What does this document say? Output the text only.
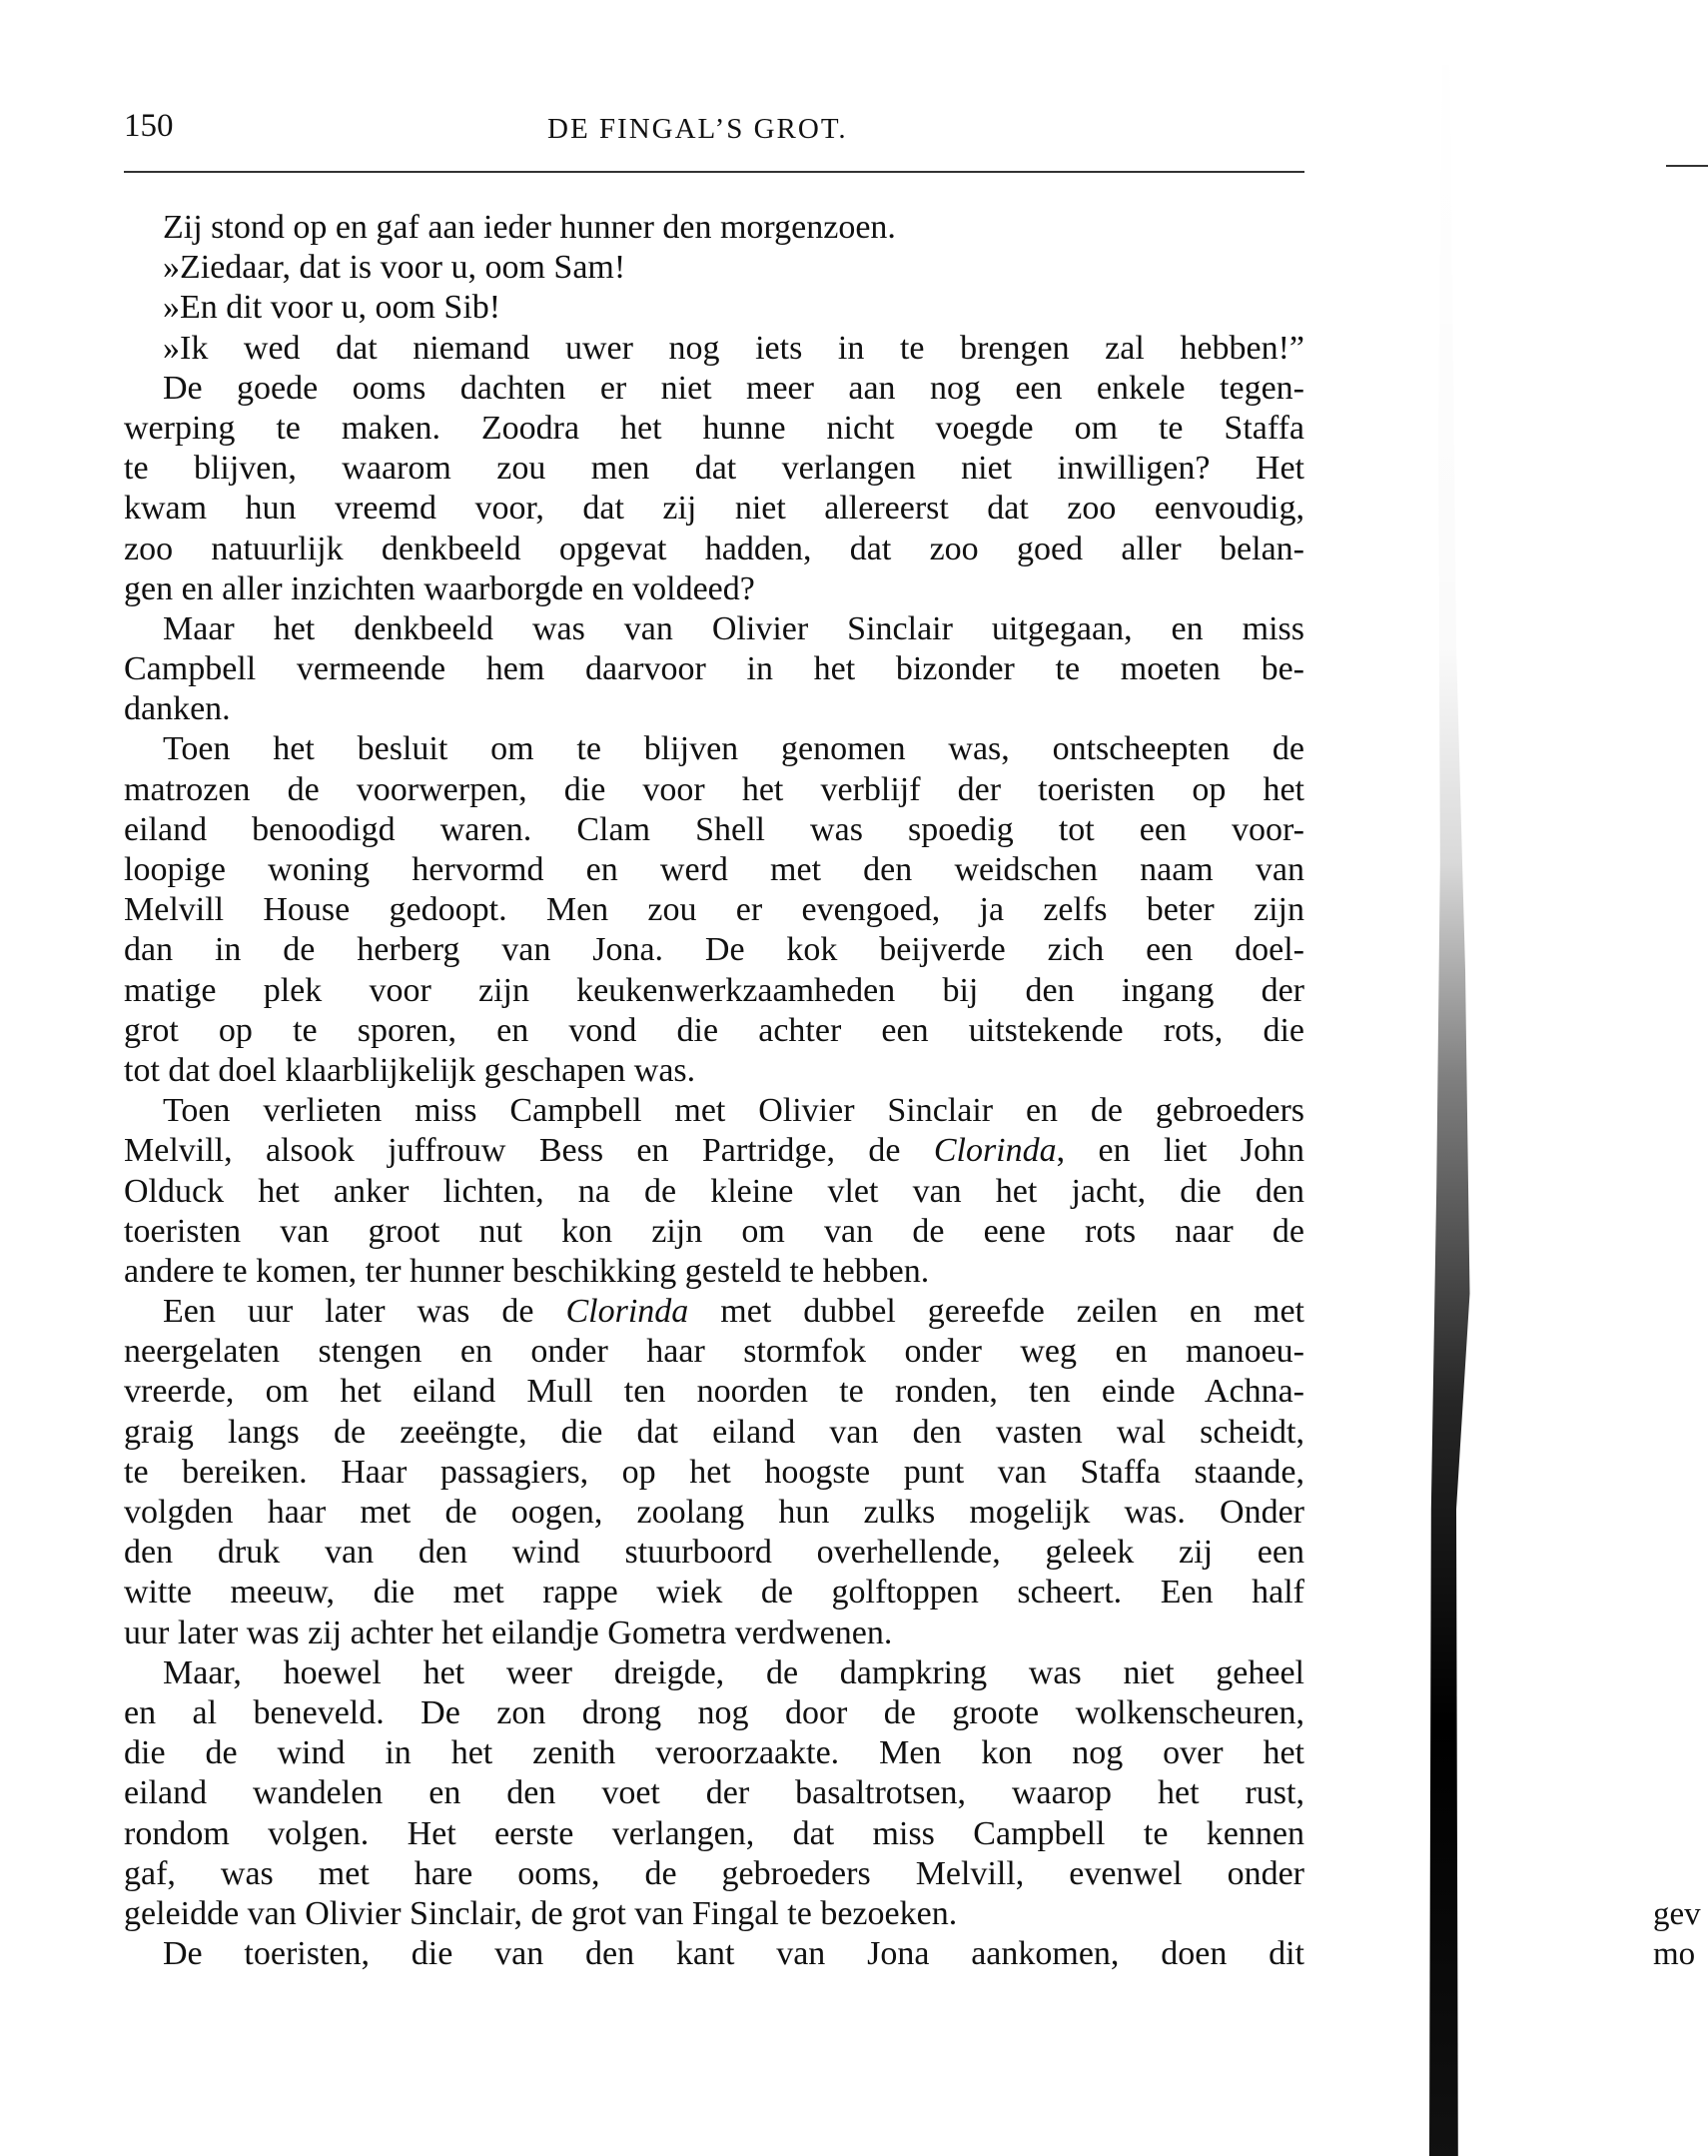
150	DE FINGAL’S GROT.
Zij stond op en gaf aan ieder hunner den morgenzoen.
»Ziedaar, dat is voor u, oom Sam!
»En dit voor u, oom Sib!
»Ik wed dat niemand uwer nog iets in te brengen zal hebben!”
De goede ooms dachten er niet meer aan nog een enkele tegen-
werping te maken. Zoodra het hunne nicht voegde om te Staffa
te blijven, waarom zou men dat verlangen niet inwilligen? Het
kwam hun vreemd voor, dat zij niet allereerst dat zoo eenvoudig,
zoo natuurlijk denkbeeld opgevat hadden, dat zoo goed aller belan-
gen en aller inzichten waarborgde en voldeed?
Maar het denkbeeld was van Olivier Sinclair uitgegaan, en miss
Campbell vermeende hem daarvoor in het bizonder te moeten be-
danken.
Toen het besluit om te blijven genomen was, ontscheepten de
matrozen de voorwerpen, die voor het verblijf der toeristen op het
eiland benoodigd waren. Clam Shell was spoedig tot een voor-
loopige woning hervormd en werd met den weidschen naam van
Melvill House gedoopt. Men zou er evengoed, ja zelfs beter zijn
dan in de herberg van Jona. De kok beijverde zich een doel-
matige plek voor zijn keukenwerkzaamheden bij den ingang der
grot op te sporen, en vond die achter een uitstekende rots, die
tot dat doel klaarblijkelijk geschapen was.
Toen verlieten miss Campbell met Olivier Sinclair en de gebroeders
Melvill, alsook juffrouw Bess en Partridge, de Clorinda, en liet John
Olduck het anker lichten, na de kleine vlet van het jacht, die den
toeristen van groot nut kon zijn om van de eene rots naar de
andere te komen, ter hunner beschikking gesteld te hebben.
Een uur later was de Clorinda met dubbel gereefde zeilen en met
neergelaten stengen en onder haar stormfok onder weg en manoeu-
vreerde, om het eiland Mull ten noorden te ronden, ten einde Achna-
graig langs de zeeëngte, die dat eiland van den vasten wal scheidt,
te bereiken. Haar passagiers, op het hoogste punt van Staffa staande,
volgden haar met de oogen, zoolang hun zulks mogelijk was. Onder
den druk van den wind stuurboord overhellende, geleek zij een
witte meeuw, die met rappe wiek de golftoppen scheert. Een half
uur later was zij achter het eilandje Gometra verdwenen.
Maar, hoewel het weer dreigde, de dampkring was niet geheel
en al beneveld. De zon drong nog door de groote wolkenscheuren,
die de wind in het zenith veroorzaakte. Men kon nog over het
eiland wandelen en den voet der basaltrotsen, waarop het rust,
rondom volgen. Het eerste verlangen, dat miss Campbell te kennen
gaf, was met hare ooms, de gebroeders Melvill, evenwel onder
geleidde van Olivier Sinclair, de grot van Fingal te bezoeken.
De toeristen, die van den kant van Jona aankomen, doen dit
gev
mo
